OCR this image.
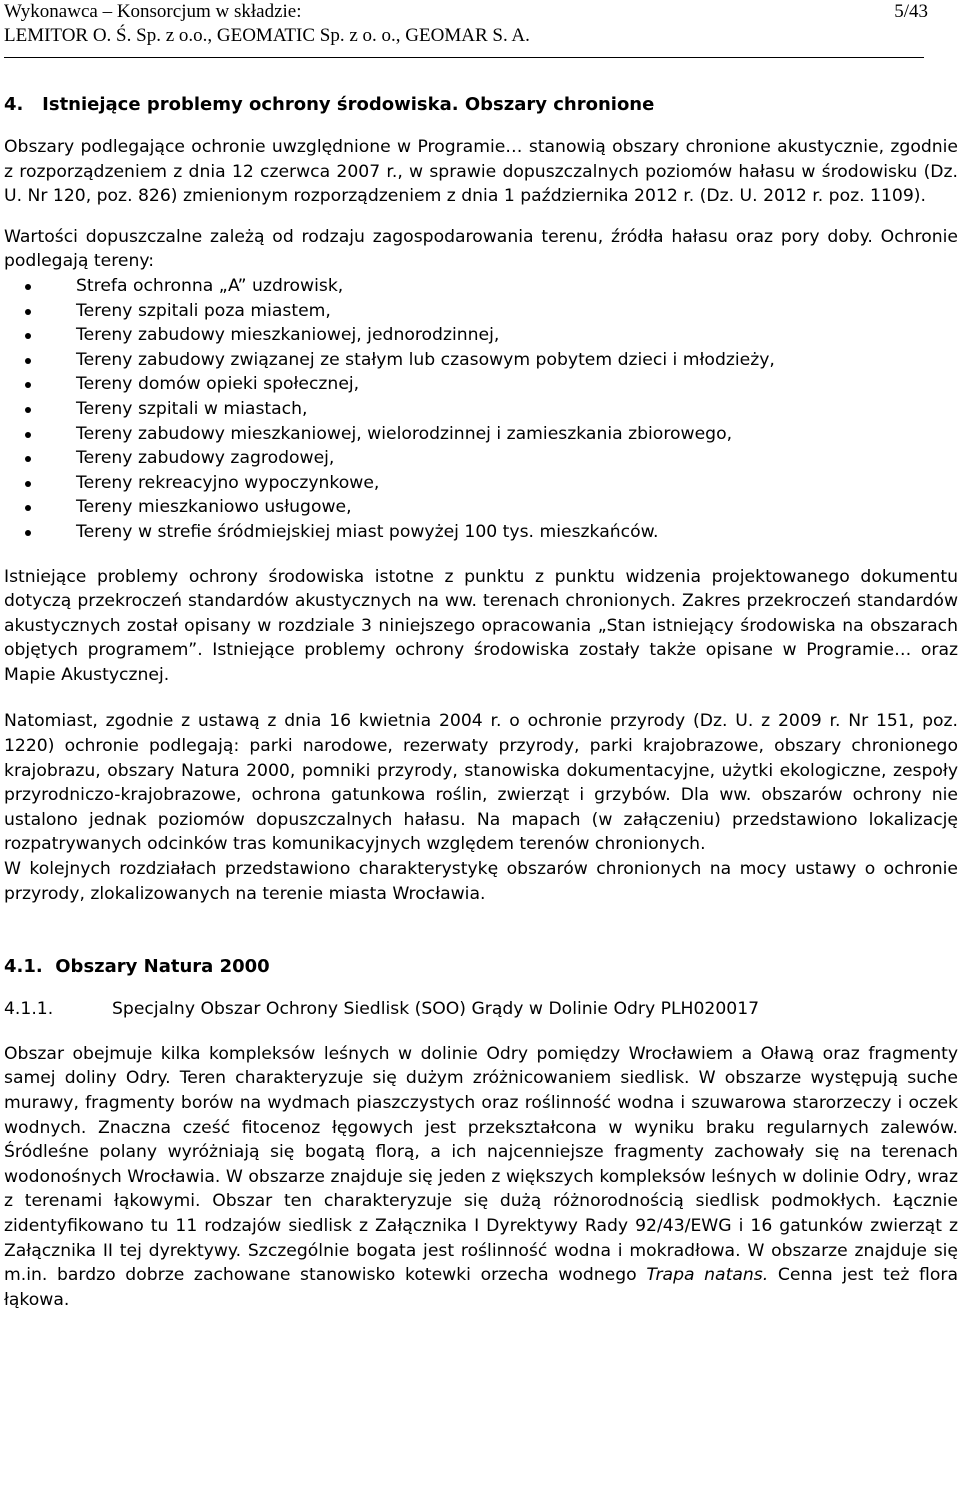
Wykonawca – Konsorcjum w składzie:	5/43
LEMITOR O. Ś. Sp. z o.o., GEOMATIC Sp. z o. o., GEOMAR S. A.
4.   Istniejące problemy ochrony środowiska. Obszary chronione

Obszary podlegające ochronie uwzględnione w Programie… stanowią obszary chronione akustycznie, zgodnie z rozporządzeniem z dnia 12 czerwca 2007 r., w sprawie dopuszczalnych poziomów hałasu w środowisku (Dz. U. Nr 120, poz. 826) zmienionym rozporządzeniem z dnia 1 października 2012 r. (Dz. U. 2012 r. poz. 1109).

Wartości dopuszczalne zależą od rodzaju zagospodarowania terenu, źródła hałasu oraz pory doby. Ochronie podlegają tereny:

Strefa ochronna „A” uzdrowisk,
Tereny szpitali poza miastem,
Tereny zabudowy mieszkaniowej, jednorodzinnej,
Tereny zabudowy związanej ze stałym lub czasowym pobytem dzieci i młodzieży,
Tereny domów opieki społecznej,
Tereny szpitali w miastach,
Tereny zabudowy mieszkaniowej, wielorodzinnej i zamieszkania zbiorowego,
Tereny zabudowy zagrodowej,
Tereny rekreacyjno wypoczynkowe,
Tereny mieszkaniowo usługowe,
Tereny w strefie śródmiejskiej miast powyżej 100 tys. mieszkańców.

Istniejące problemy ochrony środowiska istotne z punktu z punktu widzenia projektowanego dokumentu dotyczą przekroczeń standardów akustycznych na ww. terenach chronionych. Zakres przekroczeń standardów akustycznych został opisany w rozdziale 3 niniejszego opracowania „Stan istniejący środowiska na obszarach objętych programem”. Istniejące problemy ochrony środowiska zostały także opisane w Programie… oraz Mapie Akustycznej.

Natomiast, zgodnie z ustawą z dnia 16 kwietnia 2004 r. o ochronie przyrody (Dz. U. z 2009 r. Nr 151, poz. 1220) ochronie podlegają: parki narodowe, rezerwaty przyrody, parki krajobrazowe, obszary chronionego krajobrazu, obszary Natura 2000, pomniki przyrody, stanowiska dokumentacyjne, użytki ekologiczne, zespoły przyrodniczo-krajobrazowe, ochrona gatunkowa roślin, zwierząt i grzybów. Dla ww. obszarów ochrony nie ustalono jednak poziomów dopuszczalnych hałasu. Na mapach (w załączeniu) przedstawiono lokalizację rozpatrywanych odcinków tras komunikacyjnych względem terenów chronionych.

W kolejnych rozdziałach przedstawiono charakterystykę obszarów chronionych na mocy ustawy o ochronie przyrody, zlokalizowanych na terenie miasta Wrocławia.

4.1.  Obszary Natura 2000
4.1.1.	Specjalny Obszar Ochrony Siedlisk (SOO) Grądy w Dolinie Odry PLH020017

Obszar obejmuje kilka kompleksów leśnych w dolinie Odry pomiędzy Wrocławiem a Oławą oraz fragmenty samej doliny Odry. Teren charakteryzuje się dużym zróżnicowaniem siedlisk. W obszarze występują suche murawy, fragmenty borów na wydmach piaszczystych oraz roślinność wodna i szuwarowa starorzeczy i oczek wodnych. Znaczna cześć fitocenoz łęgowych jest przekształcona w wyniku braku regularnych zalewów. Śródleśne polany wyróżniają się bogatą florą, a ich najcenniejsze fragmenty zachowały się na terenach wodonośnych Wrocławia. W obszarze znajduje się jeden z większych kompleksów leśnych w dolinie Odry, wraz z terenami łąkowymi. Obszar ten charakteryzuje się dużą różnorodnością siedlisk podmokłych. Łącznie zidentyfikowano tu 11 rodzajów siedlisk z Załącznika I Dyrektywy Rady 92/43/EWG i 16 gatunków zwierząt z Załącznika II tej dyrektywy. Szczególnie bogata jest roślinność wodna i mokradłowa. W obszarze znajduje się m.in. bardzo dobrze zachowane stanowisko kotewki orzecha wodnego Trapa natans. Cenna jest też flora łąkowa.
